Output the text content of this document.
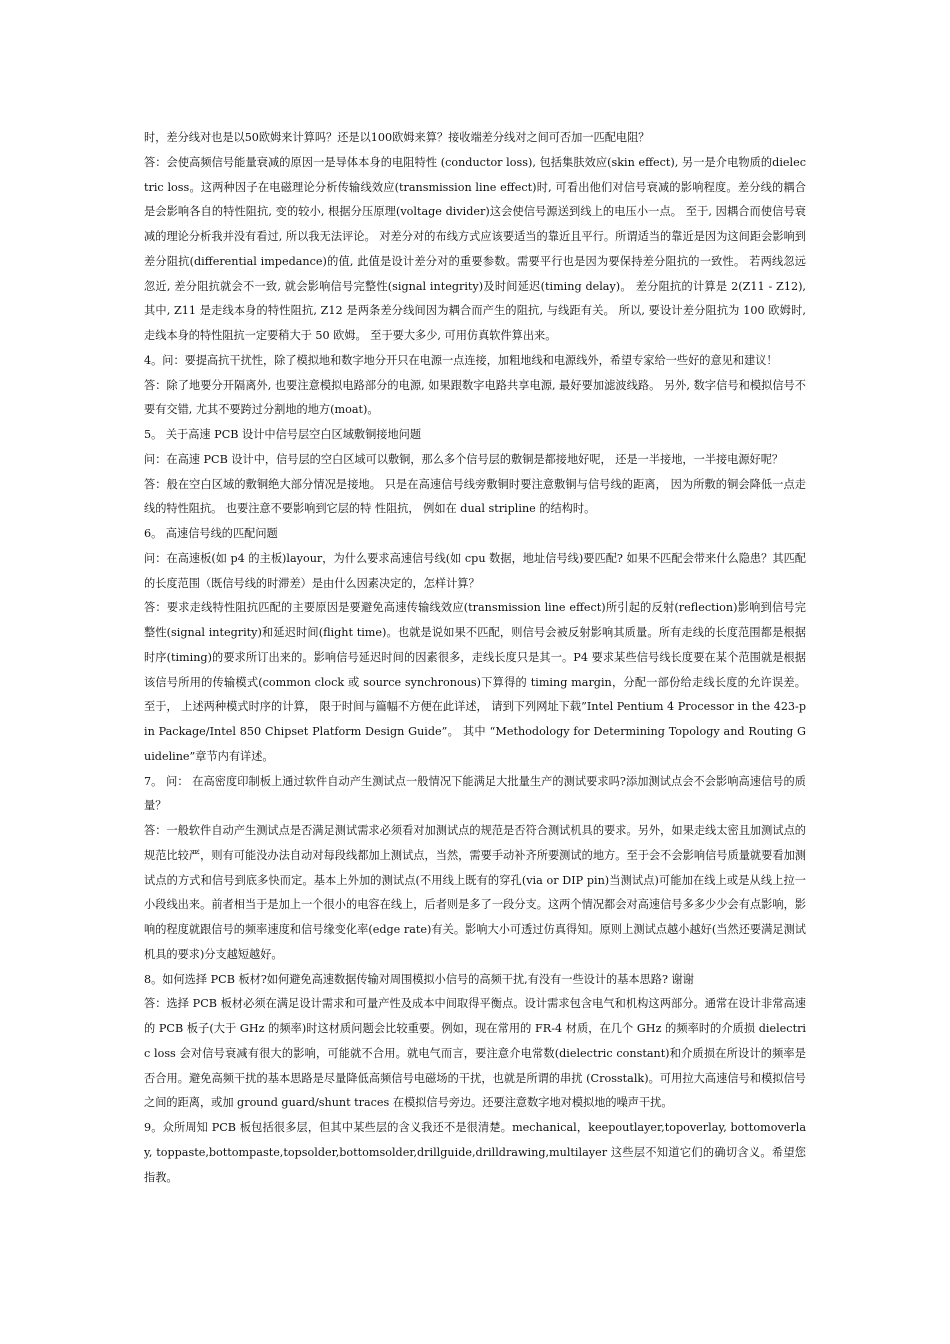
时，差分线对也是以50欧姆来计算吗？还是以100欧姆来算？接收端差分线对之间可否加一匹配电阻？

答：会使高频信号能量衰减的原因一是导体本身的电阻特性 (conductor loss), 包括集肤效应(skin effect), 另一是介电物质的dielectric loss。这两种因子在电磁理论分析传输线效应(transmission line effect)时, 可看出他们对信号衰减的影响程度。差分线的耦合是会影响各自的特性阻抗, 变的较小, 根据分压原理(voltage divider)这会使信号源送到线上的电压小一点。 至于, 因耦合而使信号衰减的理论分析我并没有看过, 所以我无法评论。 对差分对的布线方式应该要适当的靠近且平行。所谓适当的靠近是因为这间距会影响到差分阻抗(differential impedance)的值, 此值是设计差分对的重要参数。需要平行也是因为要保持差分阻抗的一致性。 若两线忽远忽近, 差分阻抗就会不一致, 就会影响信号完整性(signal integrity)及时间延迟(timing delay)。 差分阻抗的计算是 2(Z11 - Z12), 其中, Z11 是走线本身的特性阻抗, Z12 是两条差分线间因为耦合而产生的阻抗, 与线距有关。 所以, 要设计差分阻抗为 100 欧姆时, 走线本身的特性阻抗一定要稍大于 50 欧姆。 至于要大多少, 可用仿真软件算出来。

4。问：要提高抗干扰性，除了模拟地和数字地分开只在电源一点连接，加粗地线和电源线外，希望专家给一些好的意见和建议！

答：除了地要分开隔离外, 也要注意模拟电路部分的电源, 如果跟数字电路共享电源, 最好要加滤波线路。 另外, 数字信号和模拟信号不要有交错, 尤其不要跨过分割地的地方(moat)。

5。 关于高速 PCB 设计中信号层空白区域敷铜接地问题

问：在高速 PCB 设计中，信号层的空白区域可以敷铜，那么多个信号层的敷铜是都接地好呢， 还是一半接地，一半接电源好呢？

答：般在空白区域的敷铜绝大部分情况是接地。 只是在高速信号线旁敷铜时要注意敷铜与信号线的距离， 因为所敷的铜会降低一点走线的特性阻抗。 也要注意不要影响到它层的特 性阻抗， 例如在 dual stripline 的结构时。

6。 高速信号线的匹配问题

问：在高速板(如 p4 的主板)layour，为什么要求高速信号线(如 cpu 数据，地址信号线)要匹配? 如果不匹配会带来什么隐患？其匹配的长度范围（既信号线的时滞差）是由什么因素决定的，怎样计算？

答：要求走线特性阻抗匹配的主要原因是要避免高速传输线效应(transmission line effect)所引起的反射(reflection)影响到信号完整性(signal integrity)和延迟时间(flight time)。也就是说如果不匹配，则信号会被反射影响其质量。所有走线的长度范围都是根据时序(timing)的要求所订出来的。影响信号延迟时间的因素很多，走线长度只是其一。P4 要求某些信号线长度要在某个范围就是根据该信号所用的传输模式(common clock 或 source synchronous)下算得的 timing margin，分配一部份给走线长度的允许误差。 至于， 上述两种模式时序的计算， 限于时间与篇幅不方便在此详述， 请到下列网址下载”Intel Pentium 4 Processor in the 423-pin Package/Intel 850 Chipset Platform Design Guide”。 其中 “Methodology for Determining Topology and Routing Guideline”章节内有详述。

7。 问： 在高密度印制板上通过软件自动产生测试点一般情况下能满足大批量生产的测试要求吗?添加测试点会不会影响高速信号的质量？

答：一般软件自动产生测试点是否满足测试需求必须看对加测试点的规范是否符合测试机具的要求。另外，如果走线太密且加测试点的规范比较严，则有可能没办法自动对每段线都加上测试点，当然，需要手动补齐所要测试的地方。至于会不会影响信号质量就要看加测试点的方式和信号到底多快而定。基本上外加的测试点(不用线上既有的穿孔(via or DIP pin)当测试点)可能加在线上或是从线上拉一小段线出来。前者相当于是加上一个很小的电容在线上，后者则是多了一段分支。这两个情况都会对高速信号多多少少会有点影响，影响的程度就跟信号的频率速度和信号缘变化率(edge rate)有关。影响大小可透过仿真得知。原则上测试点越小越好(当然还要满足测试机具的要求)分支越短越好。

8。如何选择 PCB 板材?如何避免高速数据传输对周围模拟小信号的高频干扰,有没有一些设计的基本思路? 谢谢

答：选择 PCB 板材必须在满足设计需求和可量产性及成本中间取得平衡点。设计需求包含电气和机构这两部分。通常在设计非常高速的 PCB 板子(大于 GHz 的频率)时这材质问题会比较重要。例如，现在常用的 FR-4 材质，在几个 GHz 的频率时的介质损 dielectric loss 会对信号衰减有很大的影响，可能就不合用。就电气而言，要注意介电常数(dielectric constant)和介质损在所设计的频率是否合用。避免高频干扰的基本思路是尽量降低高频信号电磁场的干扰，也就是所谓的串扰 (Crosstalk)。可用拉大高速信号和模拟信号之间的距离，或加 ground guard/shunt traces 在模拟信号旁边。还要注意数字地对模拟地的噪声干扰。

9。众所周知 PCB 板包括很多层，但其中某些层的含义我还不是很清楚。mechanical，keepoutlayer,topoverlay, bottomoverlay, toppaste,bottompaste,topsolder,bottomsolder,drillguide,drilldrawing,multilayer 这些层不知道它们的确切含义。希望您指教。
